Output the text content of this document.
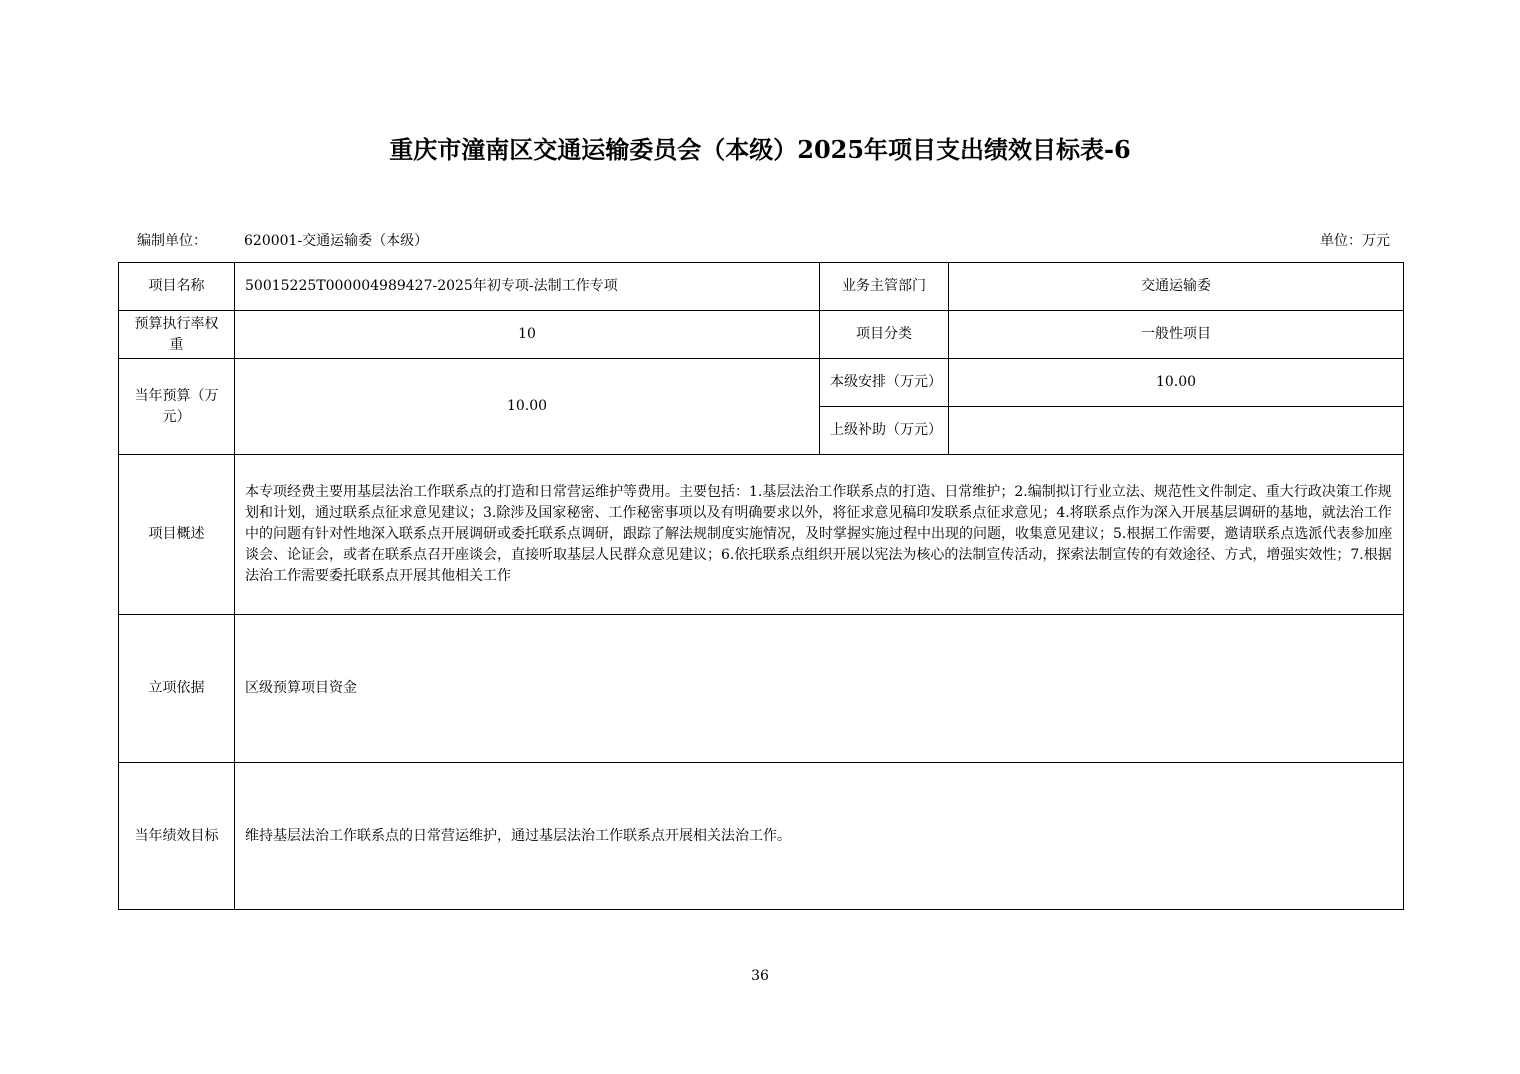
重庆市潼南区交通运输委员会（本级）2025年项目支出绩效目标表-6
编制单位：	620001-交通运输委（本级）	单位：万元
项目名称	50015225T000004989427-2025年初专项-法制工作专项	业务主管部门	交通运输委
预算执行率权重	10	项目分类	一般性项目
当年预算（万元）	10.00	本级安排（万元）	10.00
		上级补助（万元）	
项目概述	本专项经费主要用基层法治工作联系点的打造和日常营运维护等费用。主要包括：1.基层法治工作联系点的打造、日常维护；2.编制拟订行业立法、规范性文件制定、重大行政决策工作规划和计划，通过联系点征求意见建议；3.除涉及国家秘密、工作秘密事项以及有明确要求以外，将征求意见稿印发联系点征求意见；4.将联系点作为深入开展基层调研的基地，就法治工作中的问题有针对性地深入联系点开展调研或委托联系点调研，跟踪了解法规制度实施情况，及时掌握实施过程中出现的问题，收集意见建议；5.根据工作需要，邀请联系点选派代表参加座谈会、论证会，或者在联系点召开座谈会，直接听取基层人民群众意见建议；6.依托联系点组织开展以宪法为核心的法制宣传活动，探索法制宣传的有效途径、方式，增强实效性；7.根据法治工作需要委托联系点开展其他相关工作		
立项依据	区级预算项目资金		
当年绩效目标	维持基层法治工作联系点的日常营运维护，通过基层法治工作联系点开展相关法治工作。		
36
